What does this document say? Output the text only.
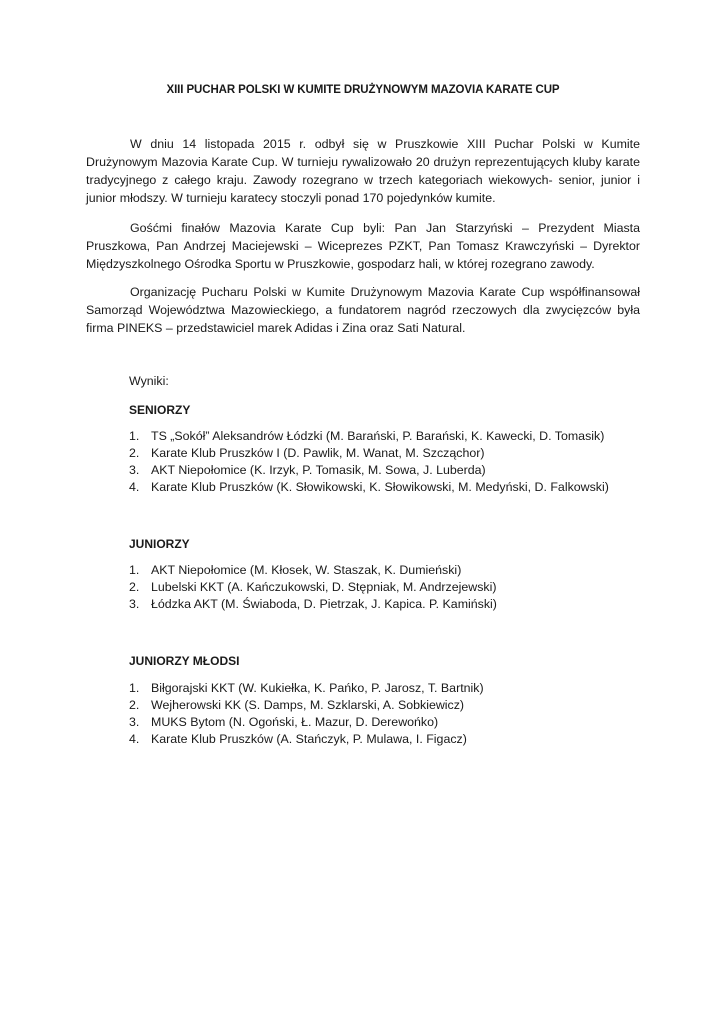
XIII PUCHAR POLSKI W KUMITE DRUŻYNOWYM MAZOVIA KARATE CUP

W dniu 14 listopada 2015 r. odbył się w Pruszkowie XIII Puchar Polski w Kumite Drużynowym Mazovia Karate Cup. W turnieju rywalizowało 20 drużyn reprezentujących kluby karate tradycyjnego z całego kraju. Zawody rozegrano w trzech kategoriach wiekowych- senior, junior i junior młodszy. W turnieju karatecy stoczyli ponad 170 pojedynków kumite.

Gośćmi finałów Mazovia Karate Cup byli: Pan Jan Starzyński – Prezydent Miasta Pruszkowa, Pan Andrzej Maciejewski – Wiceprezes PZKT, Pan Tomasz Krawczyński – Dyrektor Międzyszkolnego Ośrodka Sportu w Pruszkowie, gospodarz hali, w której rozegrano zawody.

Organizację Pucharu Polski w Kumite Drużynowym Mazovia Karate Cup współfinansował Samorząd Województwa Mazowieckiego, a fundatorem nagród rzeczowych dla zwycięzców była firma PINEKS – przedstawiciel marek Adidas i Zina oraz Sati Natural.

Wyniki:

SENIORZY

1. TS „Sokół” Aleksandrów Łódzki (M. Barański, P. Barański, K. Kawecki, D. Tomasik)
2. Karate Klub Pruszków I (D. Pawlik, M. Wanat, M. Szcząchor)
3. AKT Niepołomice (K. Irzyk, P. Tomasik, M. Sowa, J. Luberda)
4. Karate Klub Pruszków (K. Słowikowski, K. Słowikowski, M. Medyński, D. Falkowski)

JUNIORZY

1. AKT Niepołomice (M. Kłosek, W. Staszak, K. Dumieński)
2. Lubelski KKT (A. Kańczukowski, D. Stępniak, M. Andrzejewski)
3. Łódzka AKT (M. Świaboda, D. Pietrzak, J. Kapica. P. Kamiński)

JUNIORZY MŁODSI

1. Biłgorajski KKT (W. Kukiełka, K. Pańko, P. Jarosz, T. Bartnik)
2. Wejherowski KK (S. Damps, M. Szklarski, A. Sobkiewicz)
3. MUKS Bytom (N. Ogoński, Ł. Mazur, D. Derewońko)
4. Karate Klub Pruszków (A. Stańczyk, P. Mulawa, I. Figacz)
